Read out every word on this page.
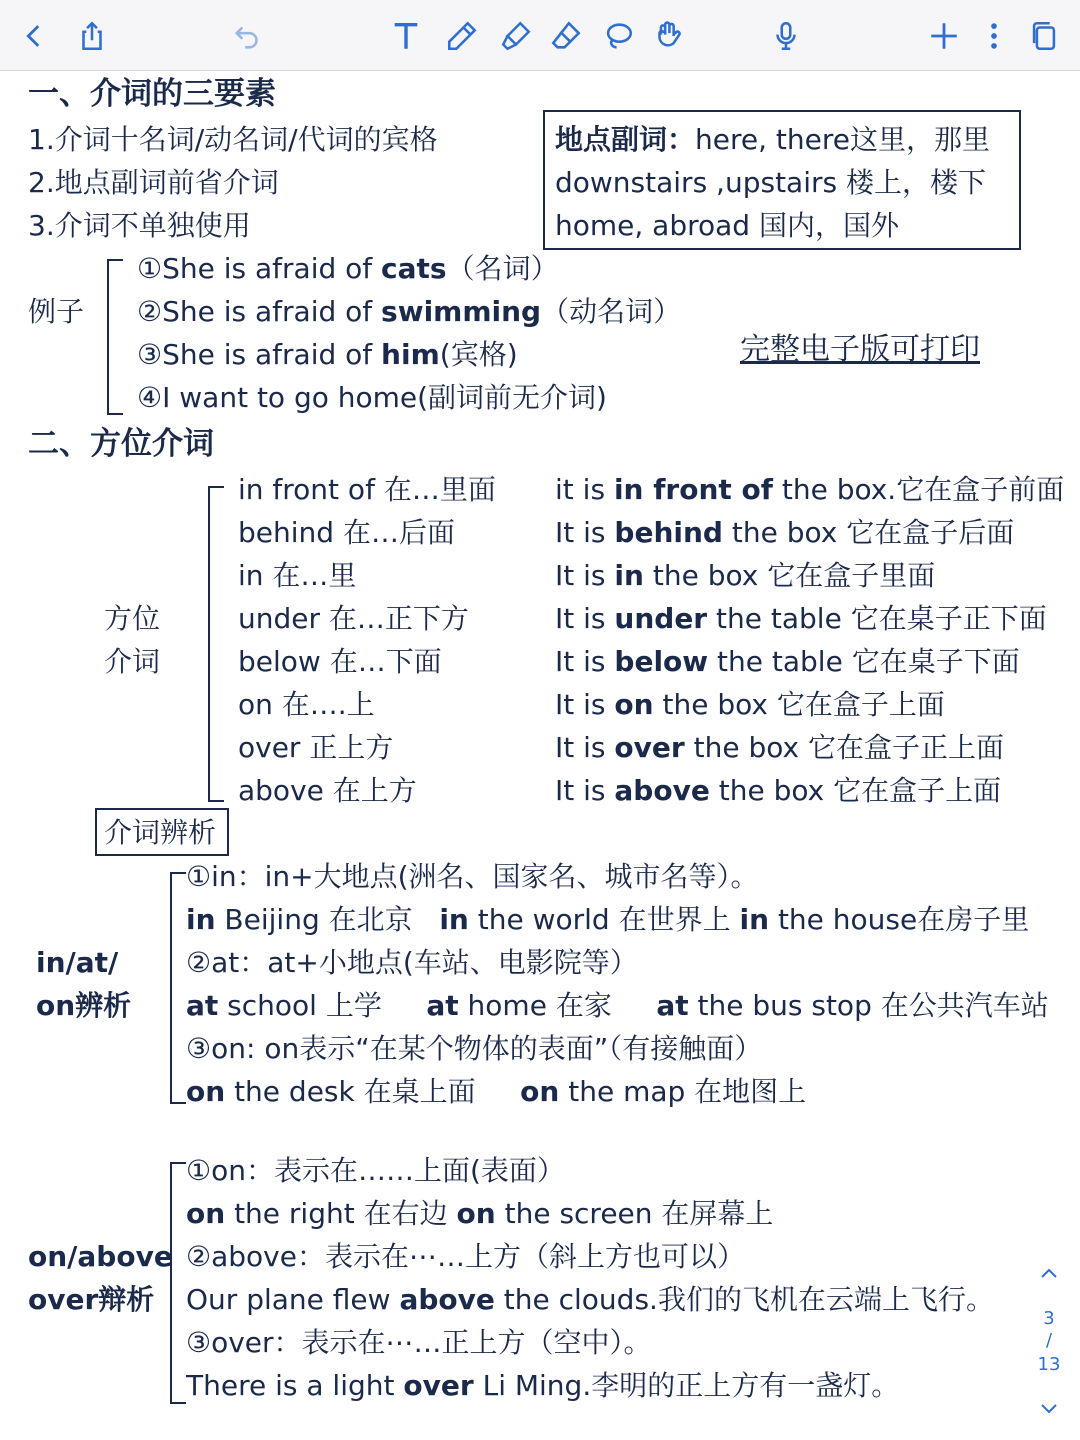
一、介词的三要素
1.介词十名词/动名词/代词的宾格
2.地点副词前省介词
3.介词不单独使用
地点副词：here, there这里，那里
downstairs ,upstairs 楼上，楼下
home, abroad 国内，国外
例子
①She is afraid of cats（名词）
②She is afraid of swimming（动名词）
③She is afraid of him(宾格)
④I want to go home(副词前无介词)
完整电子版可打印
二、方位介词
方位
介词
in front of 在…里面 it is in front of the box.它在盒子前面
behind 在…后面	It is behind the box 它在盒子后面
in 在…里	It is in the box 它在盒子里面
under 在…正下方	It is under the table 它在桌子正下面
below 在…下面	It is below the table 它在桌子下面
on 在….上	It is on the box 它在盒子上面
over 正上方	It is over the box 它在盒子正上面
above 在上方	It is above the box 它在盒子上面
介词辨析
in/at/
on辨析
①in：in+大地点(洲名、国家名、城市名等）。
in Beijing 在北京   in the world 在世界上 in the house在房子里
②at：at+小地点(车站、电影院等）
at school 上学     at home 在家     at the bus stop 在公共汽车站
③on: on表示“在某个物体的表面”（有接触面）
on the desk 在桌上面     on the map 在地图上
on/above
over辩析
①on：表示在……上面(表面）
on the right 在右边 on the screen 在屏幕上
②above：表示在⋯…上方（斜上方也可以）
Our plane flew above the clouds.我们的飞机在云端上飞行。
③over：表示在⋯…正上方（空中）。
There is a light over Li Ming.李明的正上方有一盏灯。
3
/
13
